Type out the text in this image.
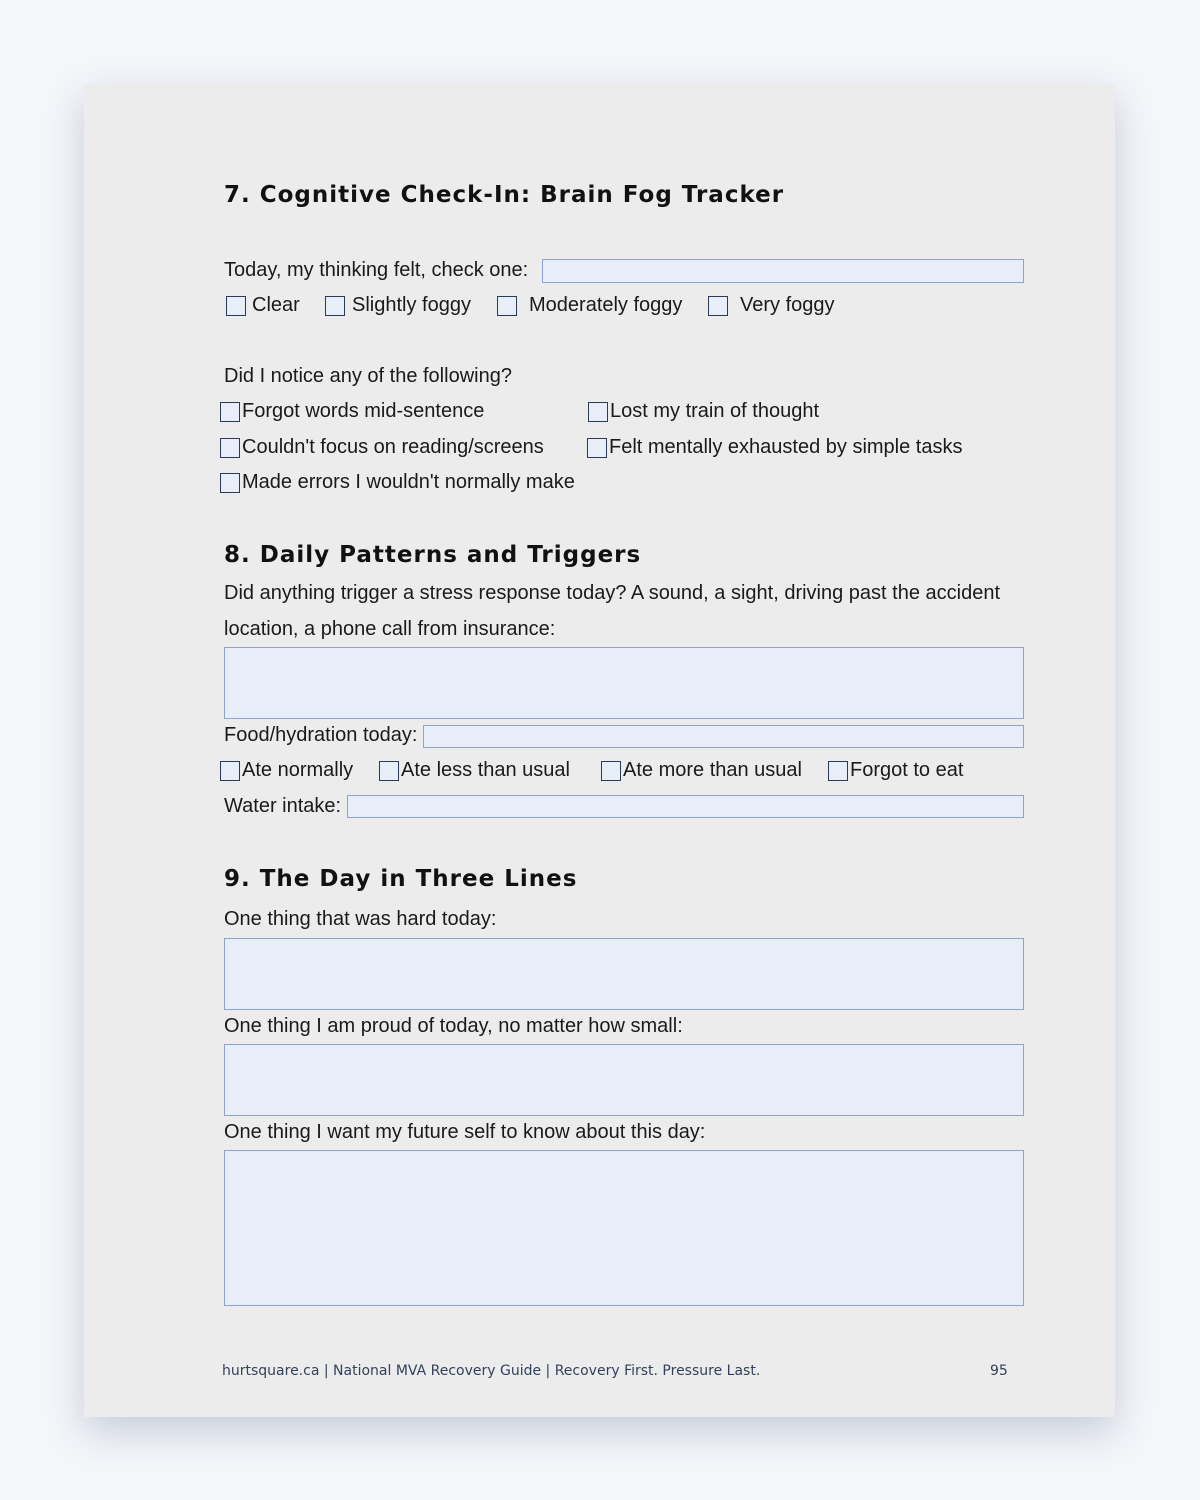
7. Cognitive Check-In: Brain Fog Tracker
Today, my thinking felt, check one:
Clear	Slightly foggy	Moderately foggy	Very foggy
Did I notice any of the following?
Forgot words mid-sentence	Lost my train of thought
Couldn't focus on reading/screens	Felt mentally exhausted by simple tasks
Made errors I wouldn't normally make
8. Daily Patterns and Triggers
Did anything trigger a stress response today? A sound, a sight, driving past the accident
location, a phone call from insurance:
Food/hydration today:
Ate normally Ate less than usual	Ate more than usual Forgot to eat
Water intake:
9. The Day in Three Lines
One thing that was hard today:
One thing I am proud of today, no matter how small:
One thing I want my future self to know about this day:
hurtsquare.ca | National MVA Recovery Guide | Recovery First. Pressure Last.	95
